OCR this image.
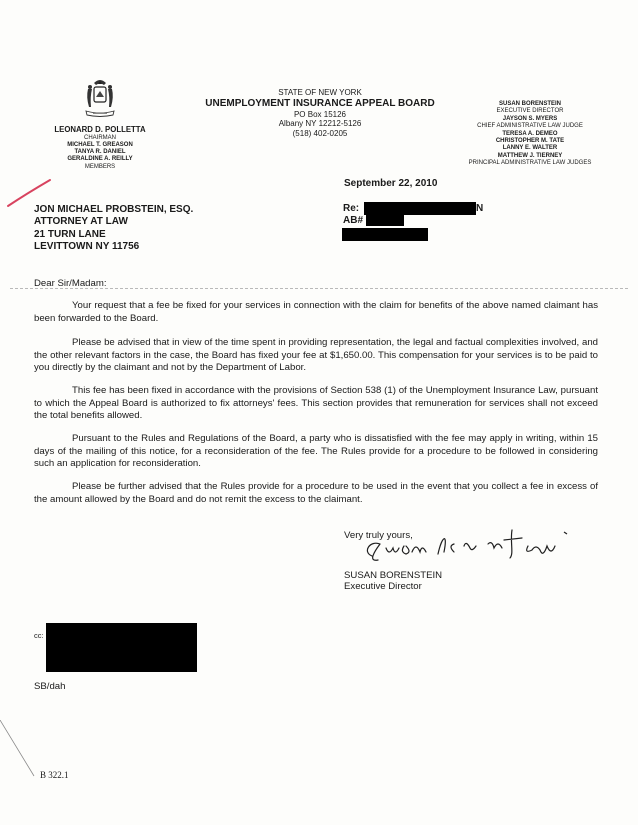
LEONARD D. POLLETTA
CHAIRMAN
MICHAEL T. GREASON
TANYA R. DANIEL
GERALDINE A. REILLY
MEMBERS
STATE OF NEW YORK
UNEMPLOYMENT INSURANCE APPEAL BOARD
PO Box 15126
Albany NY 12212-5126
(518) 402-0205
SUSAN BORENSTEIN
EXECUTIVE DIRECTOR
JAYSON S. MYERS
CHIEF ADMINISTRATIVE LAW JUDGE
TERESA A. DEMEO
CHRISTOPHER M. TATE
LANNY E. WALTER
MATTHEW J. TIERNEY
PRINCIPAL ADMINISTRATIVE LAW JUDGES
September 22, 2010
JON MICHAEL PROBSTEIN, ESQ.
ATTORNEY AT LAW
21 TURN LANE
LEVITTOWN NY 11756
Re:	N
AB#
Dear Sir/Madam:

Your request that a fee be fixed for your services in connection with the claim for benefits of the above named claimant has been forwarded to the Board.

Please be advised that in view of the time spent in providing representation, the legal and factual complexities involved, and the other relevant factors in the case, the Board has fixed your fee at $1,650.00. This compensation for your services is to be paid to you directly by the claimant and not by the Department of Labor.

This fee has been fixed in accordance with the provisions of Section 538 (1) of the Unemployment Insurance Law, pursuant to which the Appeal Board is authorized to fix attorneys' fees. This section provides that remuneration for services shall not exceed the total benefits allowed.

Pursuant to the Rules and Regulations of the Board, a party who is dissatisfied with the fee may apply in writing, within 15 days of the mailing of this notice, for a reconsideration of the fee. The Rules provide for a procedure to be followed in considering such an application for reconsideration.

Please be further advised that the Rules provide for a procedure to be used in the event that you collect a fee in excess of the amount allowed by the Board and do not remit the excess to the claimant.

Very truly yours,
SUSAN BORENSTEIN
Executive Director
cc:
SB/dah
B 322.1
